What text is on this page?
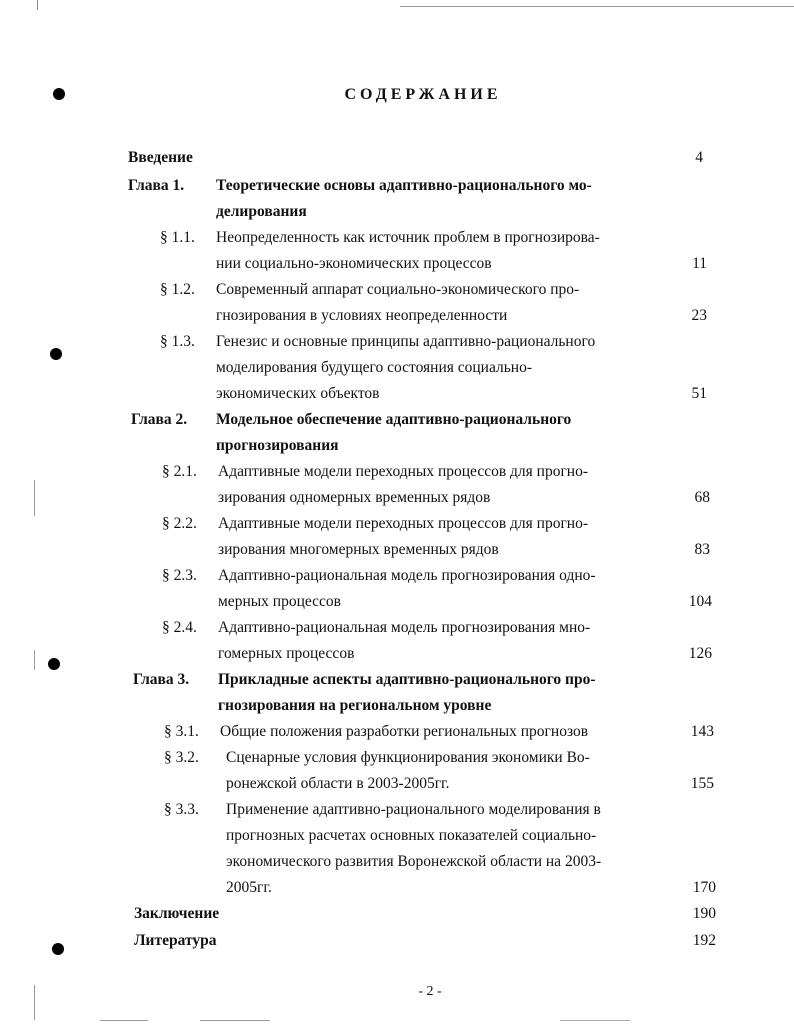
СОДЕРЖАНИЕ
Введение	4
Глава 1. Теоретические основы адаптивно-рационального мо-
делирования
§ 1.1. Неопределенность как источник проблем в прогнозирова-
нии социально-экономических процессов	11
§ 1.2. Современный аппарат социально-экономического про-
гнозирования в условиях неопределенности	23
§ 1.3. Генезис и основные принципы адаптивно-рационального
моделирования будущего состояния социально-
экономических объектов	51
Глава 2. Модельное обеспечение адаптивно-рационального
прогнозирования
§ 2.1. Адаптивные модели переходных процессов для прогно-
зирования одномерных временных рядов	68
§ 2.2. Адаптивные модели переходных процессов для прогно-
зирования многомерных временных рядов	83
§ 2.3. Адаптивно-рациональная модель прогнозирования одно-
мерных процессов	104
§ 2.4. Адаптивно-рациональная модель прогнозирования мно-
гомерных процессов	126
Глава 3. Прикладные аспекты адаптивно-рационального про-
гнозирования на региональном уровне
§ 3.1. Общие положения разработки региональных прогнозов	143
§ 3.2. Сценарные условия функционирования экономики Во-
ронежской области в 2003-2005гг.	155
§ 3.3. Применение адаптивно-рационального моделирования в
прогнозных расчетах основных показателей социально-
экономического развития Воронежской области на 2003-
2005гг.	170
Заключение	190
Литература	192
- 2 -
